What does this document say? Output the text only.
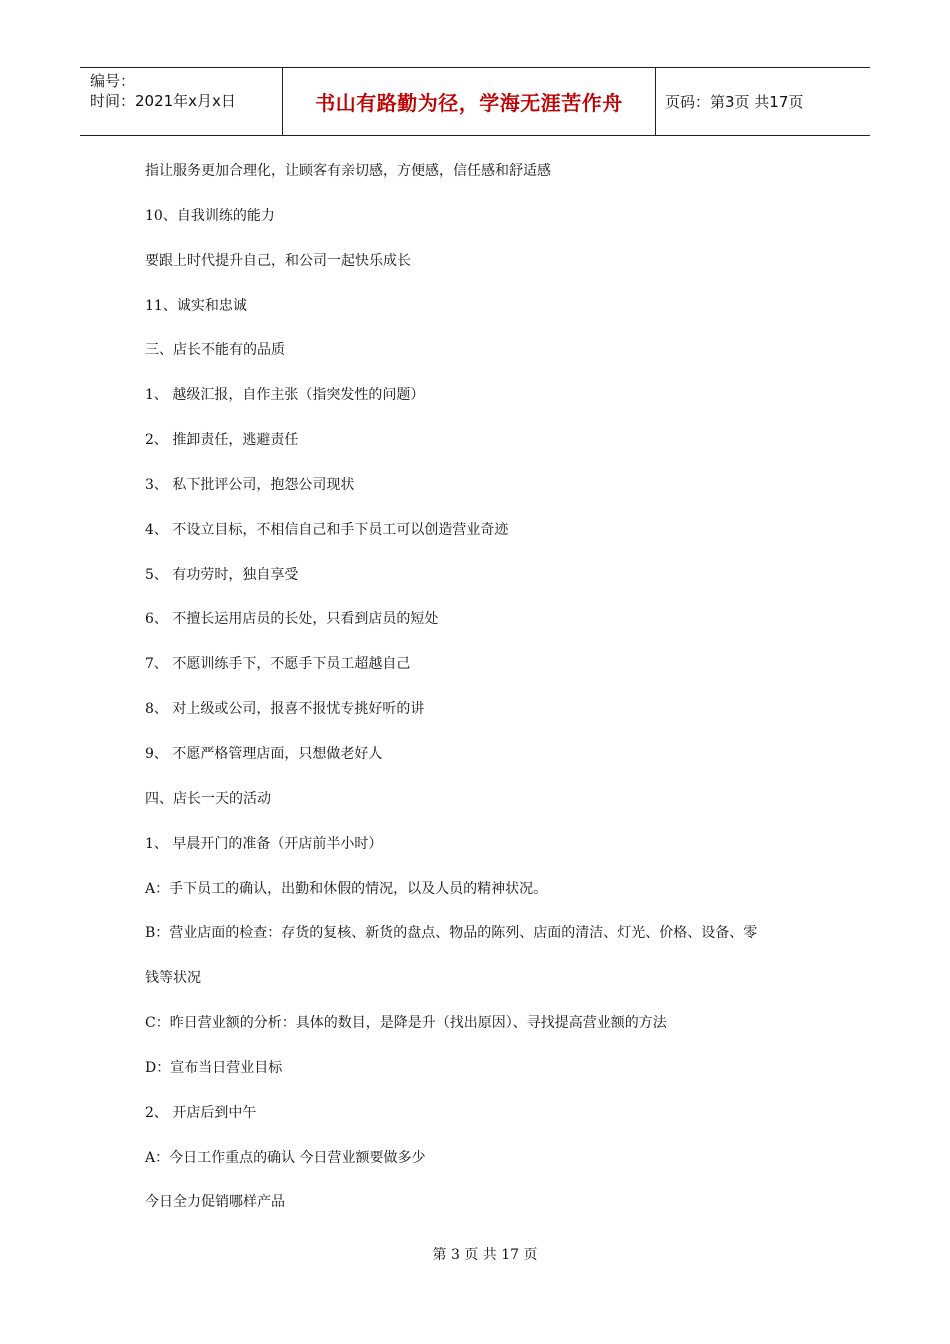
编号：
时间：2021年x月x日	书山有路勤为径，学海无涯苦作舟	页码：第3页 共17页
指让服务更加合理化，让顾客有亲切感，方便感，信任感和舒适感
10、自我训练的能力
要跟上时代提升自己，和公司一起快乐成长
11、诚实和忠诚
三、店长不能有的品质
1、 越级汇报，自作主张（指突发性的问题）
2、 推卸责任，逃避责任
3、 私下批评公司，抱怨公司现状
4、 不设立目标，不相信自己和手下员工可以创造营业奇迹
5、 有功劳时，独自享受
6、 不擅长运用店员的长处，只看到店员的短处
7、 不愿训练手下，不愿手下员工超越自己
8、 对上级或公司，报喜不报忧专挑好听的讲
9、 不愿严格管理店面，只想做老好人
四、店长一天的活动
1、 早晨开门的准备（开店前半小时）
A：手下员工的确认，出勤和休假的情况，以及人员的精神状况。
B：营业店面的检查：存货的复核、新货的盘点、物品的陈列、店面的清洁、灯光、价格、设备、零
钱等状况
C：昨日营业额的分析：具体的数目，是降是升（找出原因）、寻找提高营业额的方法
D：宣布当日营业目标
2、 开店后到中午
A：今日工作重点的确认 今日营业额要做多少
今日全力促销哪样产品
第 3 页 共 17 页
